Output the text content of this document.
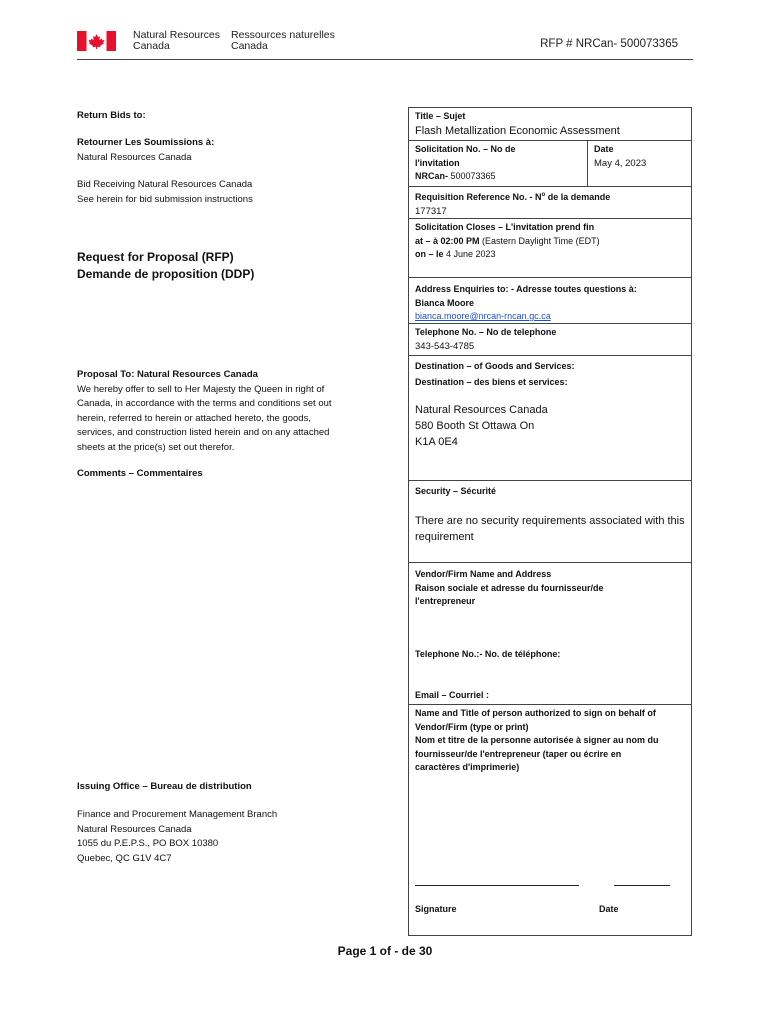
Natural Resources
Canada
Ressources naturelles
Canada	RFP # NRCan- 500073365
Return Bids to:
Retourner Les Soumissions à:
Natural Resources Canada
Bid Receiving Natural Resources Canada
See herein for bid submission instructions
Request for Proposal (RFP)
Demande de proposition (DDP)
Proposal To: Natural Resources Canada
We hereby offer to sell to Her Majesty the Queen in right of
Canada, in accordance with the terms and conditions set out
herein, referred to herein or attached hereto, the goods,
services, and construction listed herein and on any attached
sheets at the price(s) set out therefor.
Comments – Commentaires
Issuing Office – Bureau de distribution
Finance and Procurement Management Branch
Natural Resources Canada
1055 du P.E.P.S., PO BOX 10380
Quebec, QC G1V 4C7
Title – Sujet
Flash Metallization Economic Assessment
Solicitation No. – No de
l'invitation
NRCan- 500073365
Date
May 4, 2023
Requisition Reference No. - $N^o$ de la demande
177317
Solicitation Closes – L'invitation prend fin
at – à 02:00 PM (Eastern Daylight Time (EDT)
on – le 4 June 2023
Address Enquiries to: - Adresse toutes questions à:
Bianca Moore
bianca.moore@nrcan-rncan.gc.ca
Telephone No. – No de telephone
343-543-4785
Destination – of Goods and Services:
Destination – des biens et services:
Natural Resources Canada
580 Booth St Ottawa On
K1A 0E4
Security – Sécurité
There are no security requirements associated with this requirement
Vendor/Firm Name and Address
Raison sociale et adresse du fournisseur/de
l'entrepreneur
Telephone No.:- No. de téléphone:
Email – Courriel :
Name and Title of person authorized to sign on behalf of
Vendor/Firm (type or print)
Nom et titre de la personne autorisée à signer au nom du
fournisseur/de l'entrepreneur (taper ou écrire en
caractères d'imprimerie)
Signature	Date
Page 1 of - de 30
